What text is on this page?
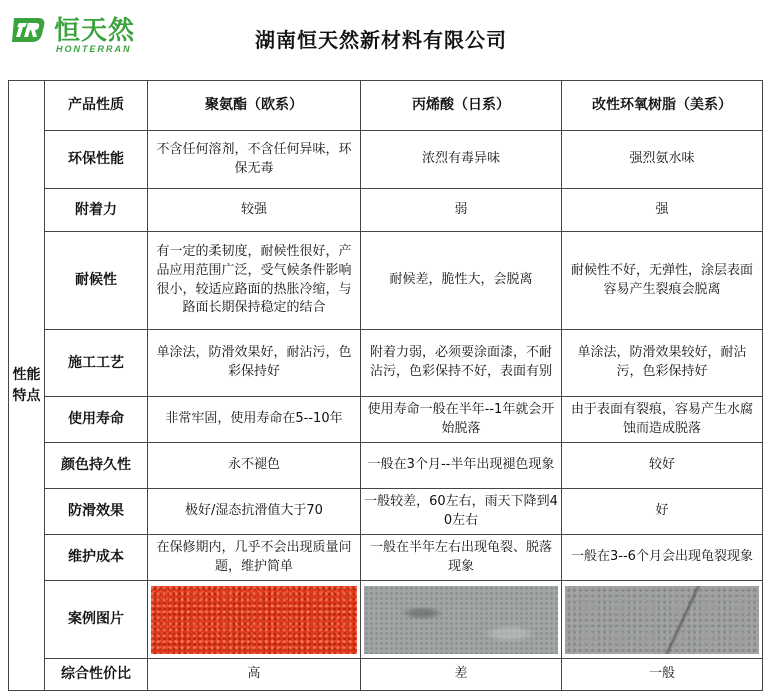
恒天然
HONTERRAN	湖南恒天然新材料有限公司
性能特点	产品性质	聚氨酯（欧系）	丙烯酸（日系）	改性环氧树脂（美系）
	环保性能	不含任何溶剂，不含任何异味，环保无毒	浓烈有毒异味	强烈氨水味
	附着力	较强	弱	强
	耐候性	有一定的柔韧度，耐候性很好，产品应用范围广泛，受气候条件影响很小，较适应路面的热胀冷缩，与路面长期保持稳定的结合	耐候差，脆性大，会脱离	耐候性不好，无弹性，涂层表面容易产生裂痕会脱离
	施工工艺	单涂法，防滑效果好，耐沾污，色彩保持好	附着力弱，必须要涂面漆，不耐沾污，色彩保持不好，表面有别	单涂法，防滑效果较好，耐沾污，色彩保持好
	使用寿命	非常牢固，使用寿命在5--10年	使用寿命一般在半年--1年就会开始脱落	由于表面有裂痕，容易产生水腐蚀而造成脱落
	颜色持久性	永不褪色	一般在3个月--半年出现褪色现象	较好
	防滑效果	极好/湿态抗滑值大于70	一般较差，60左右，雨天下降到40左右	好
	维护成本	在保修期内，几乎不会出现质量问题，维护简单	一般在半年左右出现龟裂、脱落现象	一般在3--6个月会出现龟裂现象
	案例图片	

	综合性价比	高	差	一般
